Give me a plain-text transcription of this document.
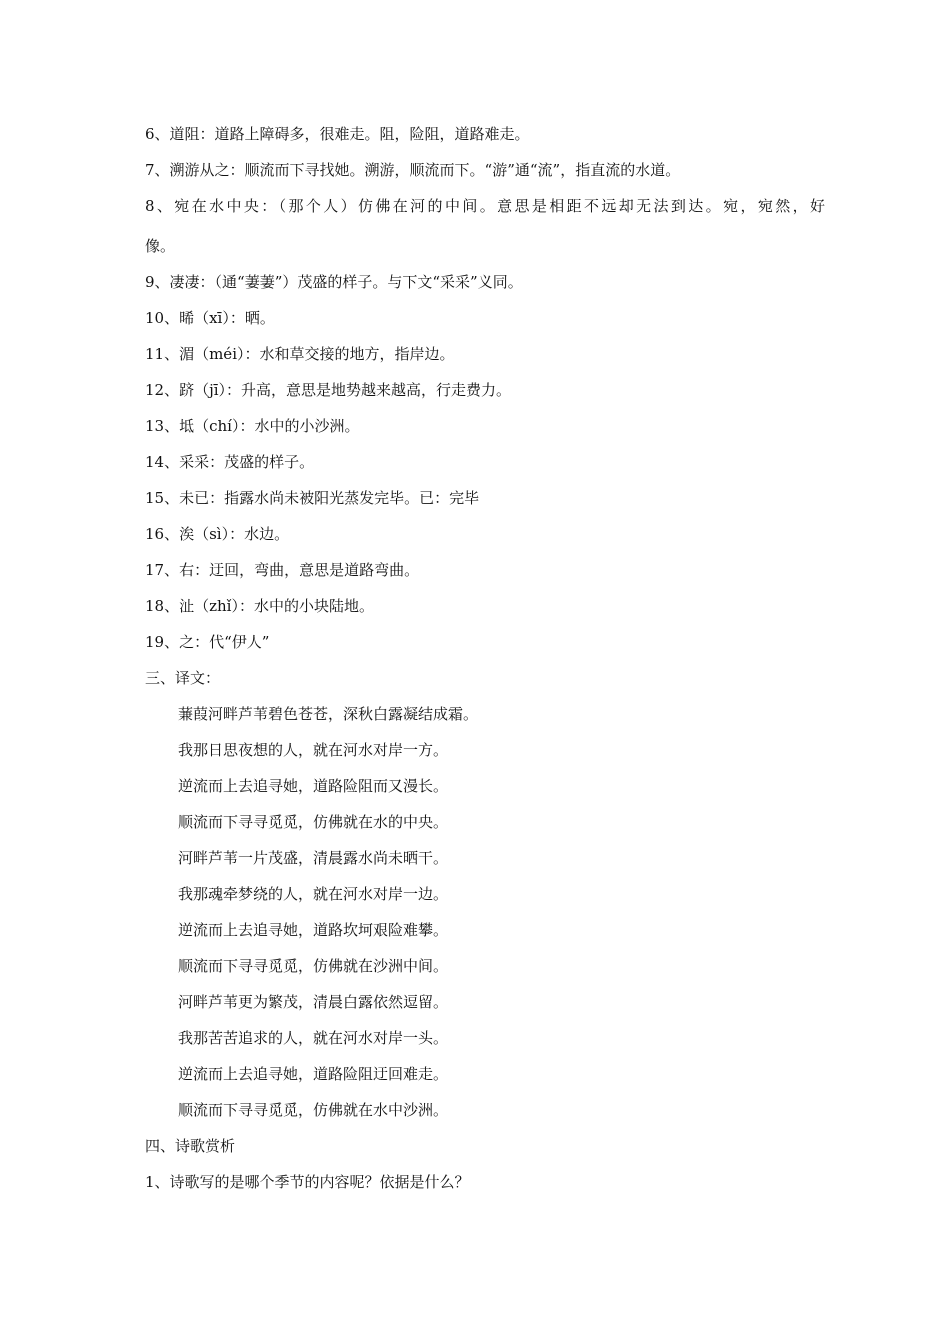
6、道阻：道路上障碍多，很难走。阻，险阻，道路难走。
7、溯游从之：顺流而下寻找她。溯游，顺流而下。“游”通“流”，指直流的水道。
8、宛在水中央：（那个人）仿佛在河的中间。意思是相距不远却无法到达。宛，宛然，好
像。
9、凄凄：（通“萋萋”）茂盛的样子。与下文“采采”义同。
10、晞（xī）：晒。
11、湄（méi）：水和草交接的地方，指岸边。
12、跻（jī）：升高，意思是地势越来越高，行走费力。
13、坻（chí）：水中的小沙洲。
14、采采：茂盛的样子。
15、未已：指露水尚未被阳光蒸发完毕。已：完毕
16、涘（sì）：水边。
17、右：迂回，弯曲，意思是道路弯曲。
18、沚（zhǐ）：水中的小块陆地。
19、之：代“伊人”
三、译文：
蒹葭河畔芦苇碧色苍苍，深秋白露凝结成霜。
我那日思夜想的人，就在河水对岸一方。
逆流而上去追寻她，道路险阻而又漫长。
顺流而下寻寻觅觅，仿佛就在水的中央。
河畔芦苇一片茂盛，清晨露水尚未晒干。
我那魂牵梦绕的人，就在河水对岸一边。
逆流而上去追寻她，道路坎坷艰险难攀。
顺流而下寻寻觅觅，仿佛就在沙洲中间。
河畔芦苇更为繁茂，清晨白露依然逗留。
我那苦苦追求的人，就在河水对岸一头。
逆流而上去追寻她，道路险阻迂回难走。
顺流而下寻寻觅觅，仿佛就在水中沙洲。
四、诗歌赏析
1、诗歌写的是哪个季节的内容呢？依据是什么？
